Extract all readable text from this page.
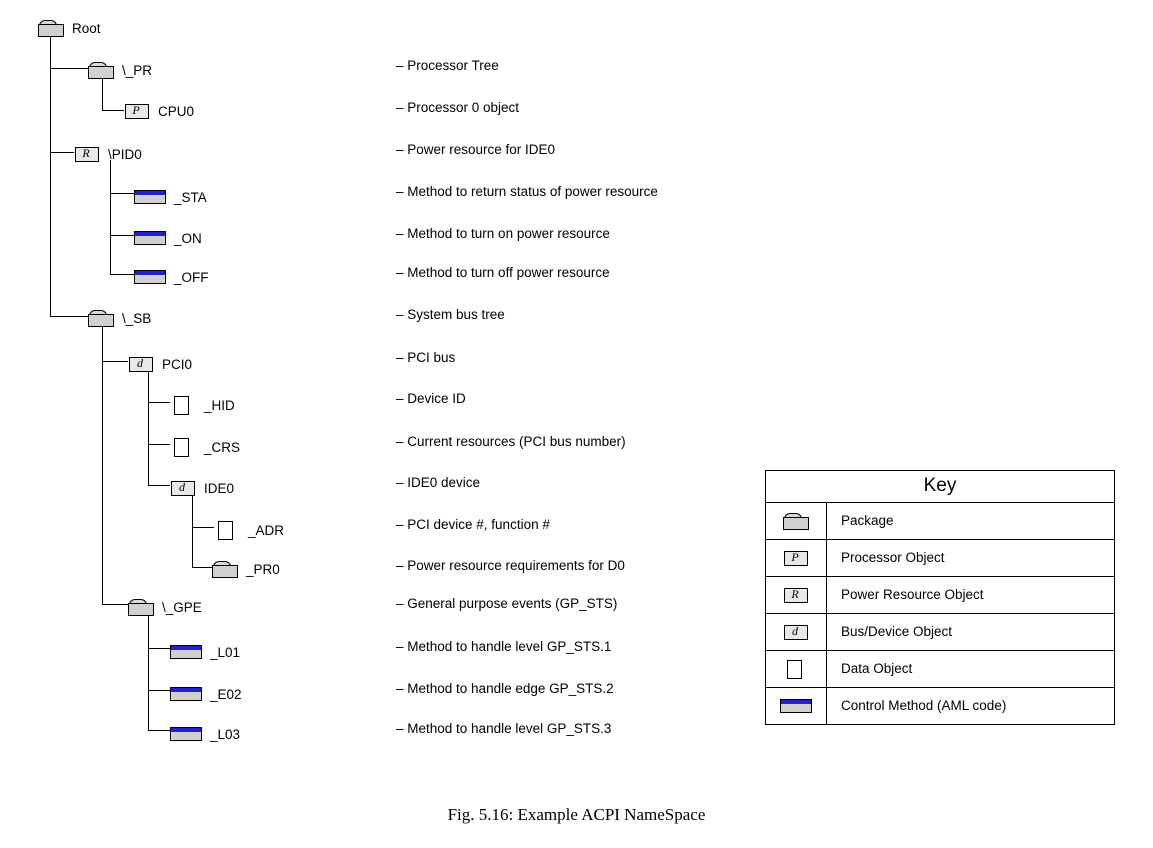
Root
\_PR	– Processor Tree
P	CPU0	– Processor 0 object
R	\PID0	– Power resource for IDE0
_STA	– Method to return status of power resource
_ON	– Method to turn on power resource
_OFF	– Method to turn off power resource
\_SB	– System bus tree
d	PCI0	– PCI bus
_HID	– Device ID
_CRS	– Current resources (PCI bus number)
d	IDE0	– IDE0 device
_ADR	– PCI device #, function #
_PR0	– Power resource requirements for D0
\_GPE	– General purpose events (GP_STS)
_L01	– Method to handle level GP_STS.1
_E02	– Method to handle edge GP_STS.2
_L03	– Method to handle level GP_STS.3
Key
Package
P	Processor Object
R	Power Resource Object
d	Bus/Device Object
Data Object
Control Method (AML code)
Fig. 5.16: Example ACPI NameSpace
